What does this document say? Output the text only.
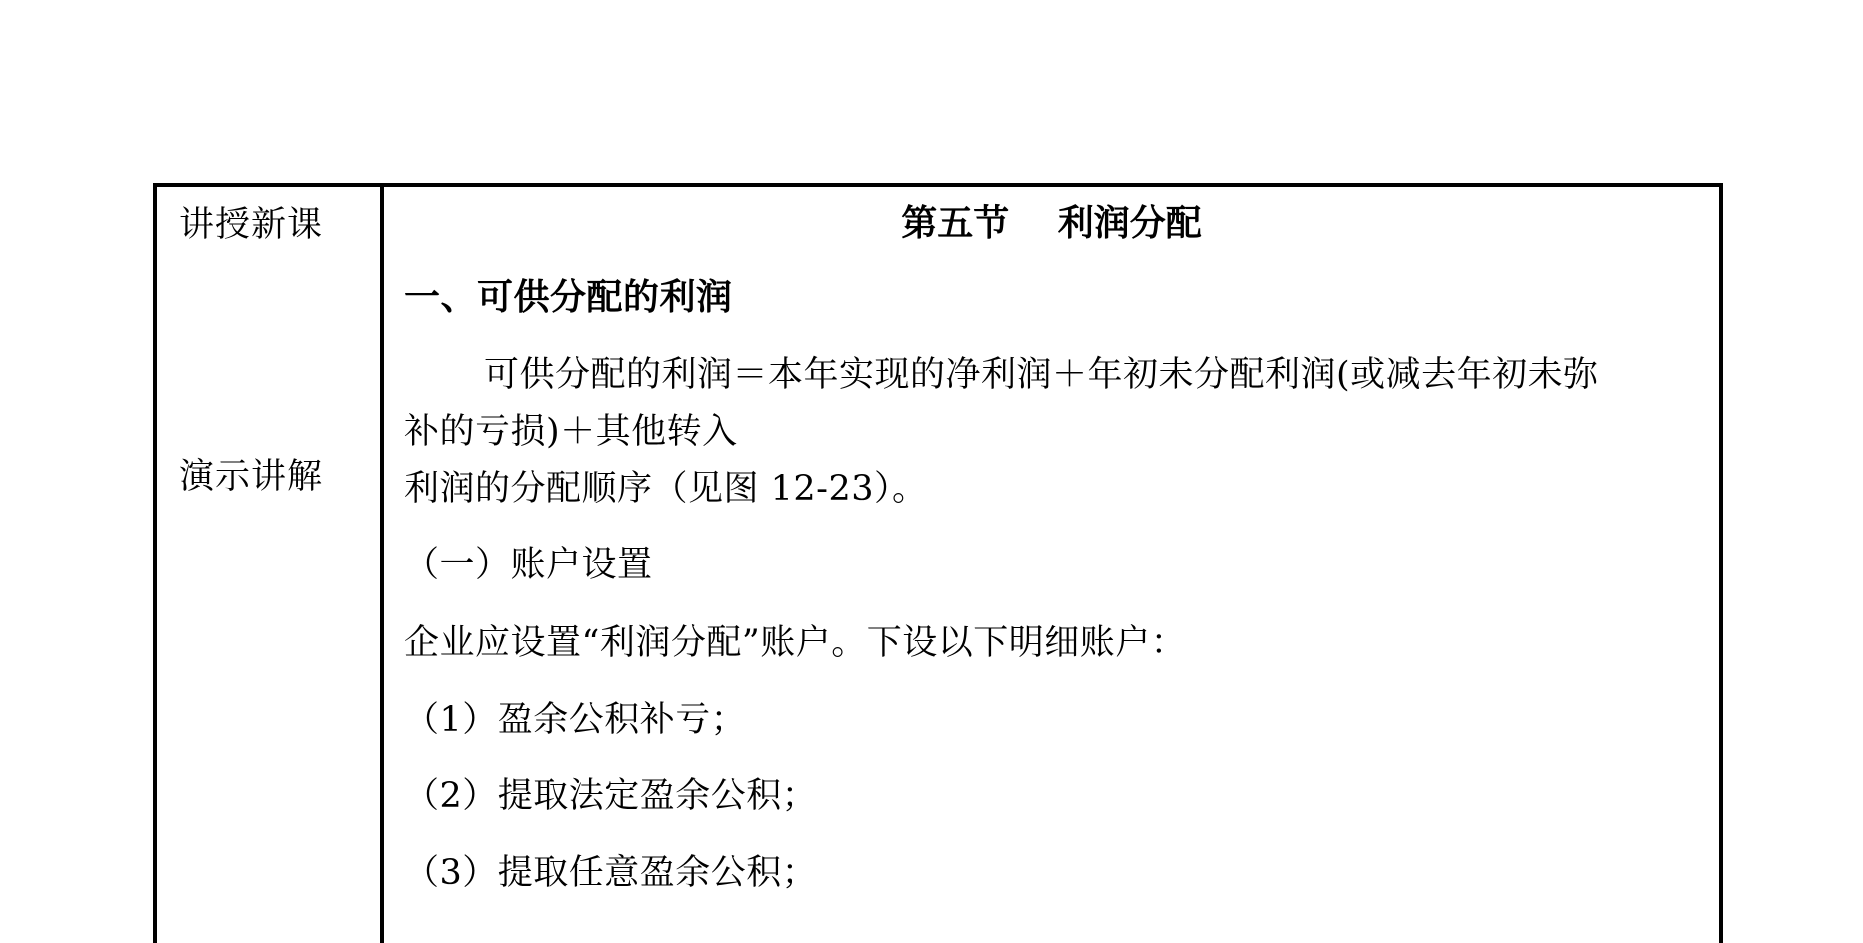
讲授新课
演示讲解
第五节　 利润分配
一、可供分配的利润
可供分配的利润＝本年实现的净利润＋年初未分配利润(或减去年初未弥
补的亏损)＋其他转入
利润的分配顺序（见图 12-23）。
（一）账户设置
企业应设置“利润分配”账户。下设以下明细账户：
（1）盈余公积补亏；
（2）提取法定盈余公积；
（3）提取任意盈余公积；
